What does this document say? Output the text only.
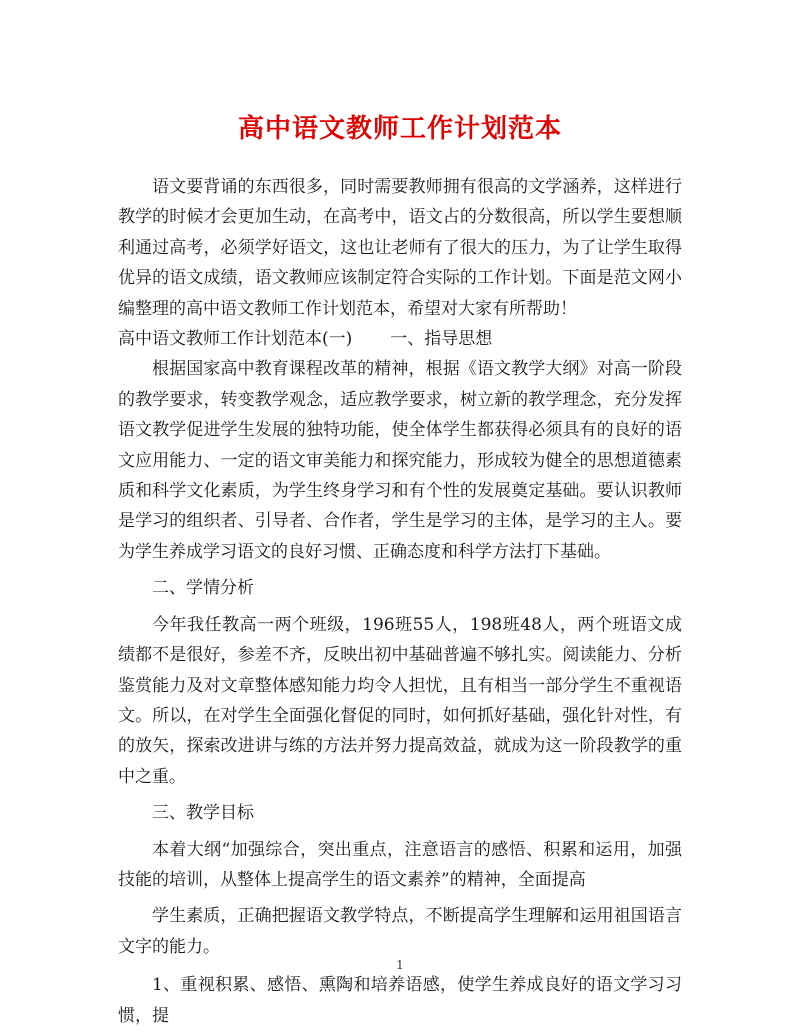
高中语文教师工作计划范本

语文要背诵的东西很多，同时需要教师拥有很高的文学涵养，这样进行教学的时候才会更加生动，在高考中，语文占的分数很高，所以学生要想顺利通过高考，必须学好语文，这也让老师有了很大的压力，为了让学生取得优异的语文成绩，语文教师应该制定符合实际的工作计划。下面是范文网小编整理的高中语文教师工作计划范本，希望对大家有所帮助！

高中语文教师工作计划范本(一) 一、指导思想

根据国家高中教育课程改革的精神，根据《语文教学大纲》对高一阶段的教学要求，转变教学观念，适应教学要求，树立新的教学理念，充分发挥语文教学促进学生发展的独特功能，使全体学生都获得必须具有的良好的语文应用能力、一定的语文审美能力和探究能力，形成较为健全的思想道德素质和科学文化素质，为学生终身学习和有个性的发展奠定基础。要认识教师是学习的组织者、引导者、合作者，学生是学习的主体，是学习的主人。要为学生养成学习语文的良好习惯、正确态度和科学方法打下基础。

二、学情分析

今年我任教高一两个班级，196班55人，198班48人，两个班语文成绩都不是很好，参差不齐，反映出初中基础普遍不够扎实。阅读能力、分析鉴赏能力及对文章整体感知能力均令人担忧，且有相当一部分学生不重视语文。所以，在对学生全面强化督促的同时，如何抓好基础，强化针对性，有的放矢，探索改进讲与练的方法并努力提高效益，就成为这一阶段教学的重中之重。

三、教学目标

本着大纲“加强综合，突出重点，注意语言的感悟、积累和运用，加强技能的培训，从整体上提高学生的语文素养”的精神，全面提高

学生素质，正确把握语文教学特点，不断提高学生理解和运用祖国语言文字的能力。

1、重视积累、感悟、熏陶和培养语感，使学生养成良好的语文学习习惯，提

1
